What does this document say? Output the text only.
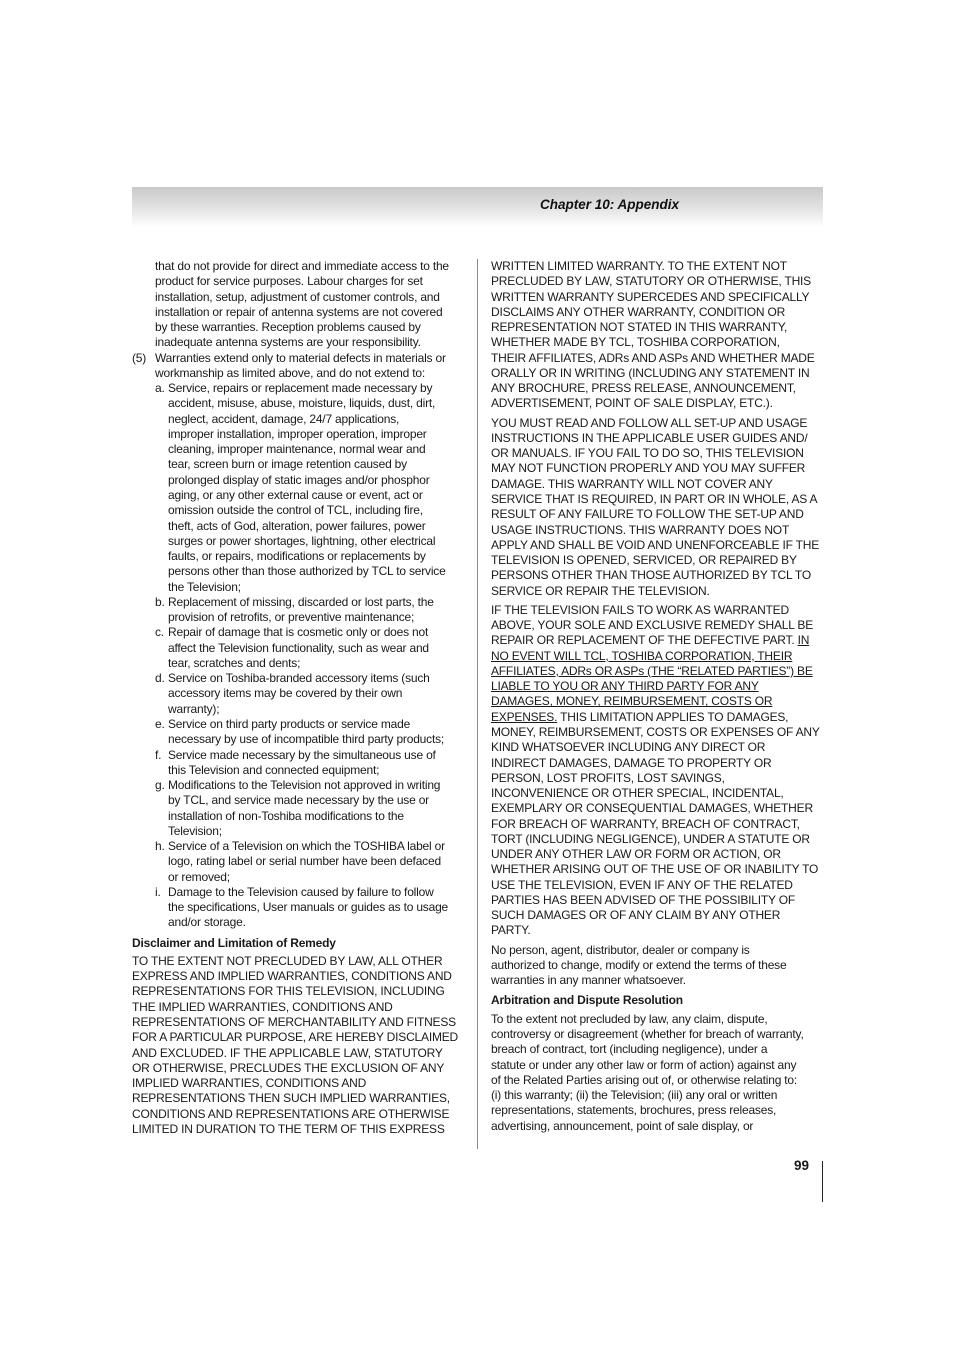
Chapter 10: Appendix
that do not provide for direct and immediate access to the
product for service purposes. Labour charges for set
installation, setup, adjustment of customer controls, and
installation or repair of antenna systems are not covered
by these warranties. Reception problems caused by
inadequate antenna systems are your responsibility.
(5) Warranties extend only to material defects in materials or
workmanship as limited above, and do not extend to:
a. Service, repairs or replacement made necessary by
accident, misuse, abuse, moisture, liquids, dust, dirt,
neglect, accident, damage, 24/7 applications,
improper installation, improper operation, improper
cleaning, improper maintenance, normal wear and
tear, screen burn or image retention caused by
prolonged display of static images and/or phosphor
aging, or any other external cause or event, act or
omission outside the control of TCL, including fire,
theft, acts of God, alteration, power failures, power
surges or power shortages, lightning, other electrical
faults, or repairs, modifications or replacements by
persons other than those authorized by TCL to service
the Television;
b. Replacement of missing, discarded or lost parts, the
provision of retrofits, or preventive maintenance;
c. Repair of damage that is cosmetic only or does not
affect the Television functionality, such as wear and
tear, scratches and dents;
d. Service on Toshiba-branded accessory items (such
accessory items may be covered by their own
warranty);
e. Service on third party products or service made
necessary by use of incompatible third party products;
f. Service made necessary by the simultaneous use of
this Television and connected equipment;
g. Modifications to the Television not approved in writing
by TCL, and service made necessary by the use or
installation of non-Toshiba modifications to the
Television;
h. Service of a Television on which the TOSHIBA label or
logo, rating label or serial number have been defaced
or removed;
i. Damage to the Television caused by failure to follow
the specifications, User manuals or guides as to usage
and/or storage.
Disclaimer and Limitation of Remedy
TO THE EXTENT NOT PRECLUDED BY LAW, ALL OTHER
EXPRESS AND IMPLIED WARRANTIES, CONDITIONS AND
REPRESENTATIONS FOR THIS TELEVISION, INCLUDING
THE IMPLIED WARRANTIES, CONDITIONS AND
REPRESENTATIONS OF MERCHANTABILITY AND FITNESS
FOR A PARTICULAR PURPOSE, ARE HEREBY DISCLAIMED
AND EXCLUDED. IF THE APPLICABLE LAW, STATUTORY
OR OTHERWISE, PRECLUDES THE EXCLUSION OF ANY
IMPLIED WARRANTIES, CONDITIONS AND
REPRESENTATIONS THEN SUCH IMPLIED WARRANTIES,
CONDITIONS AND REPRESENTATIONS ARE OTHERWISE
LIMITED IN DURATION TO THE TERM OF THIS EXPRESS
WRITTEN LIMITED WARRANTY. TO THE EXTENT NOT
PRECLUDED BY LAW, STATUTORY OR OTHERWISE, THIS
WRITTEN WARRANTY SUPERCEDES AND SPECIFICALLY
DISCLAIMS ANY OTHER WARRANTY, CONDITION OR
REPRESENTATION NOT STATED IN THIS WARRANTY,
WHETHER MADE BY TCL, TOSHIBA CORPORATION,
THEIR AFFILIATES, ADRs AND ASPs AND WHETHER MADE
ORALLY OR IN WRITING (INCLUDING ANY STATEMENT IN
ANY BROCHURE, PRESS RELEASE, ANNOUNCEMENT,
ADVERTISEMENT, POINT OF SALE DISPLAY, ETC.).
YOU MUST READ AND FOLLOW ALL SET-UP AND USAGE
INSTRUCTIONS IN THE APPLICABLE USER GUIDES AND/
OR MANUALS. IF YOU FAIL TO DO SO, THIS TELEVISION
MAY NOT FUNCTION PROPERLY AND YOU MAY SUFFER
DAMAGE. THIS WARRANTY WILL NOT COVER ANY
SERVICE THAT IS REQUIRED, IN PART OR IN WHOLE, AS A
RESULT OF ANY FAILURE TO FOLLOW THE SET-UP AND
USAGE INSTRUCTIONS. THIS WARRANTY DOES NOT
APPLY AND SHALL BE VOID AND UNENFORCEABLE IF THE
TELEVISION IS OPENED, SERVICED, OR REPAIRED BY
PERSONS OTHER THAN THOSE AUTHORIZED BY TCL TO
SERVICE OR REPAIR THE TELEVISION.
IF THE TELEVISION FAILS TO WORK AS WARRANTED
ABOVE, YOUR SOLE AND EXCLUSIVE REMEDY SHALL BE
REPAIR OR REPLACEMENT OF THE DEFECTIVE PART. IN
NO EVENT WILL TCL, TOSHIBA CORPORATION, THEIR
AFFILIATES, ADRs OR ASPs (THE “RELATED PARTIES”) BE
LIABLE TO YOU OR ANY THIRD PARTY FOR ANY
DAMAGES, MONEY, REIMBURSEMENT, COSTS OR
EXPENSES. THIS LIMITATION APPLIES TO DAMAGES,
MONEY, REIMBURSEMENT, COSTS OR EXPENSES OF ANY
KIND WHATSOEVER INCLUDING ANY DIRECT OR
INDIRECT DAMAGES, DAMAGE TO PROPERTY OR
PERSON, LOST PROFITS, LOST SAVINGS,
INCONVENIENCE OR OTHER SPECIAL, INCIDENTAL,
EXEMPLARY OR CONSEQUENTIAL DAMAGES, WHETHER
FOR BREACH OF WARRANTY, BREACH OF CONTRACT,
TORT (INCLUDING NEGLIGENCE), UNDER A STATUTE OR
UNDER ANY OTHER LAW OR FORM OR ACTION, OR
WHETHER ARISING OUT OF THE USE OF OR INABILITY TO
USE THE TELEVISION, EVEN IF ANY OF THE RELATED
PARTIES HAS BEEN ADVISED OF THE POSSIBILITY OF
SUCH DAMAGES OR OF ANY CLAIM BY ANY OTHER
PARTY.
No person, agent, distributor, dealer or company is
authorized to change, modify or extend the terms of these
warranties in any manner whatsoever.
Arbitration and Dispute Resolution
To the extent not precluded by law, any claim, dispute,
controversy or disagreement (whether for breach of warranty,
breach of contract, tort (including negligence), under a
statute or under any other law or form of action) against any
of the Related Parties arising out of, or otherwise relating to:
(i) this warranty; (ii) the Television; (iii) any oral or written
representations, statements, brochures, press releases,
advertising, announcement, point of sale display, or
99
